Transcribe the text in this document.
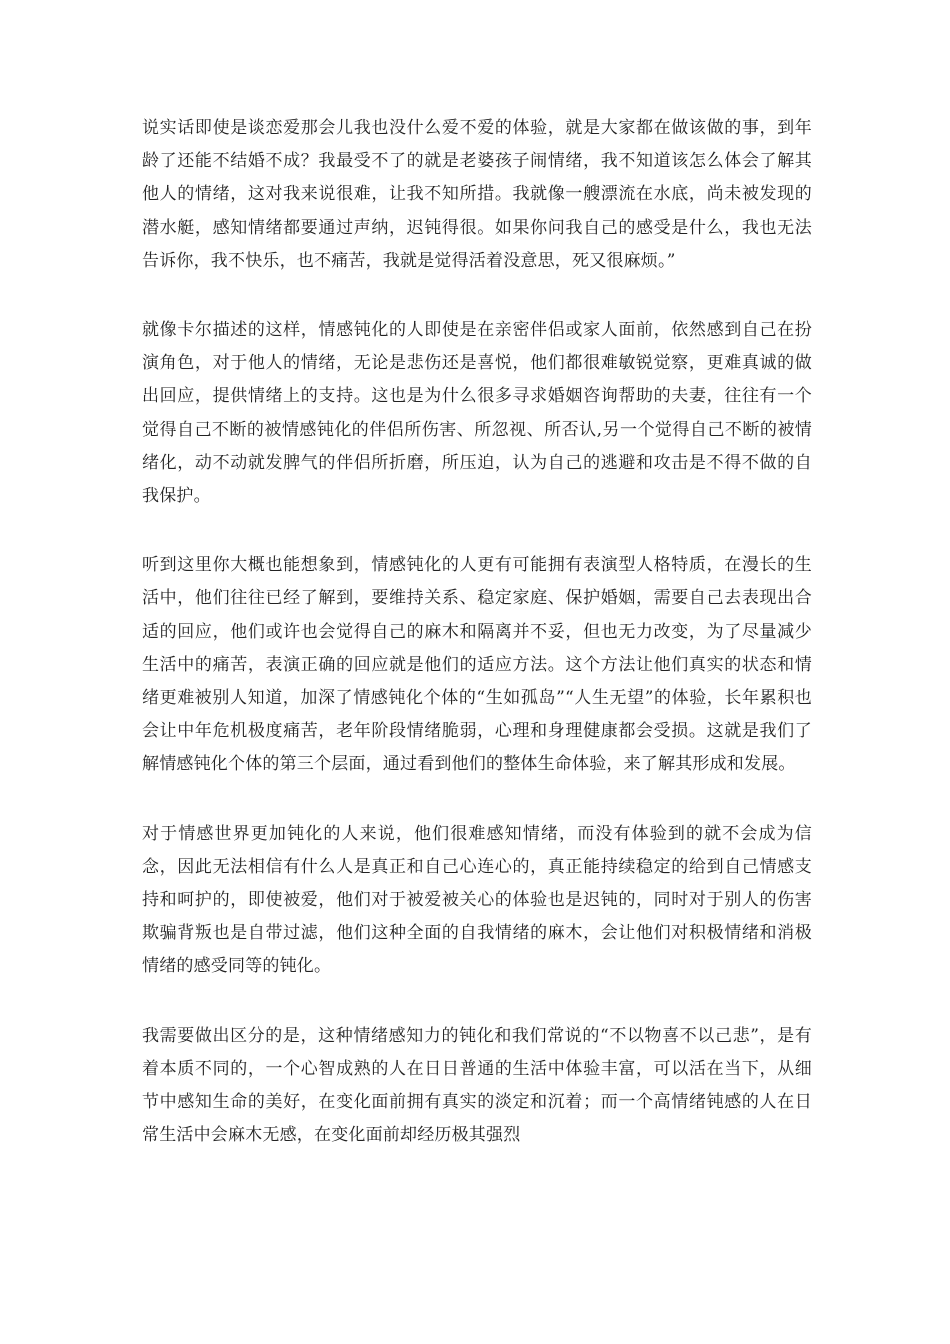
说实话即使是谈恋爱那会儿我也没什么爱不爱的体验，就是大家都在做该做的事，到年龄了还能不结婚不成？我最受不了的就是老婆孩子闹情绪，我不知道该怎么体会了解其他人的情绪，这对我来说很难，让我不知所措。我就像一艘漂流在水底，尚未被发现的潜水艇，感知情绪都要通过声纳，迟钝得很。如果你问我自己的感受是什么，我也无法告诉你，我不快乐，也不痛苦，我就是觉得活着没意思，死又很麻烦。”

就像卡尔描述的这样，情感钝化的人即使是在亲密伴侣或家人面前，依然感到自己在扮演角色，对于他人的情绪，无论是悲伤还是喜悦，他们都很难敏锐觉察，更难真诚的做出回应，提供情绪上的支持。这也是为什么很多寻求婚姻咨询帮助的夫妻，往往有一个觉得自己不断的被情感钝化的伴侣所伤害、所忽视、所否认,另一个觉得自己不断的被情绪化，动不动就发脾气的伴侣所折磨，所压迫，认为自己的逃避和攻击是不得不做的自我保护。

听到这里你大概也能想象到，情感钝化的人更有可能拥有表演型人格特质，在漫长的生活中，他们往往已经了解到，要维持关系、稳定家庭、保护婚姻，需要自己去表现出合适的回应，他们或许也会觉得自己的麻木和隔离并不妥，但也无力改变，为了尽量减少生活中的痛苦，表演正确的回应就是他们的适应方法。这个方法让他们真实的状态和情绪更难被别人知道，加深了情感钝化个体的“生如孤岛”“人生无望”的体验，长年累积也会让中年危机极度痛苦，老年阶段情绪脆弱，心理和身理健康都会受损。这就是我们了解情感钝化个体的第三个层面，通过看到他们的整体生命体验，来了解其形成和发展。

对于情感世界更加钝化的人来说，他们很难感知情绪，而没有体验到的就不会成为信念，因此无法相信有什么人是真正和自己心连心的，真正能持续稳定的给到自己情感支持和呵护的，即使被爱，他们对于被爱被关心的体验也是迟钝的，同时对于别人的伤害欺骗背叛也是自带过滤，他们这种全面的自我情绪的麻木，会让他们对积极情绪和消极情绪的感受同等的钝化。

我需要做出区分的是，这种情绪感知力的钝化和我们常说的“不以物喜不以己悲”，是有着本质不同的，一个心智成熟的人在日日普通的生活中体验丰富，可以活在当下，从细节中感知生命的美好，在变化面前拥有真实的淡定和沉着；而一个高情绪钝感的人在日常生活中会麻木无感，在变化面前却经历极其强烈
